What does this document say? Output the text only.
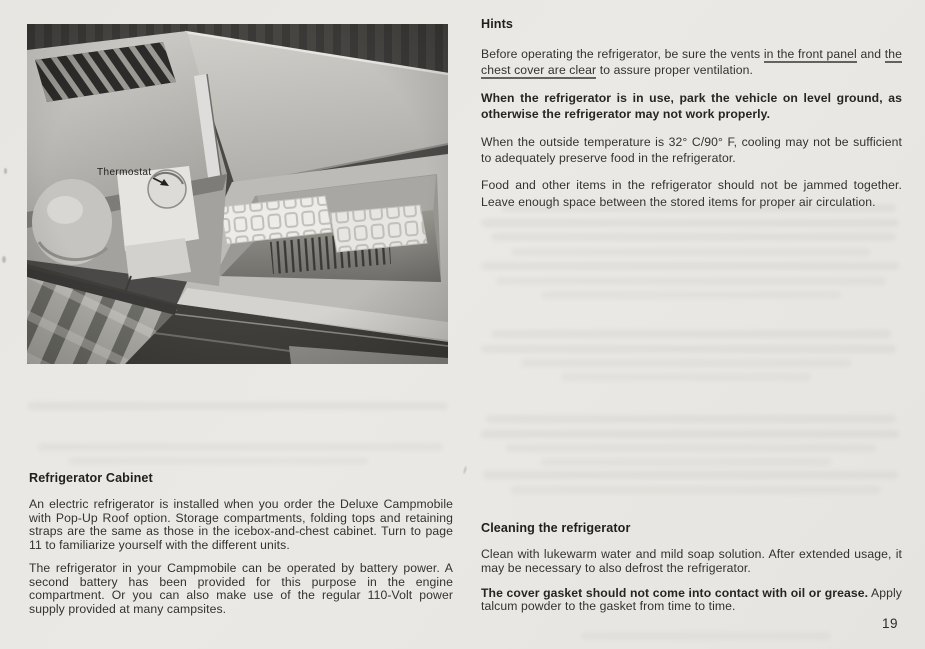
Hints

Before operating the refrigerator, be sure the vents in the front panel and the chest cover are clear to assure proper ventilation.

When the refrigerator is in use, park the vehicle on level ground, as otherwise the refrigerator may not work properly.

When the outside temperature is 32° C/90° F, cooling may not be sufficient to adequately preserve food in the refrigerator.

Food and other items in the refrigerator should not be jammed together. Leave enough space between the stored items for proper air circulation.

Refrigerator Cabinet

An electric refrigerator is installed when you order the Deluxe Campmobile with Pop-Up Roof option. Storage compartments, folding tops and retaining straps are the same as those in the icebox-and-chest cabinet. Turn to page 11 to familiarize yourself with the different units.

The refrigerator in your Campmobile can be operated by battery power. A second battery has been provided for this purpose in the engine compartment. Or you can also make use of the regular 110-Volt power supply provided at many campsites.

Cleaning the refrigerator

Clean with lukewarm water and mild soap solution. After extended usage, it may be necessary to also defrost the refrigerator.

The cover gasket should not come into contact with oil or grease. Apply talcum powder to the gasket from time to time.

19
